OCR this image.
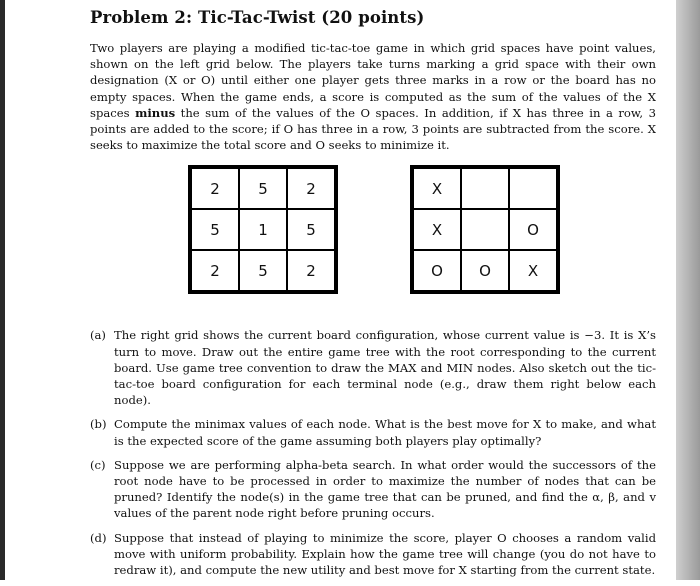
Problem 2: Tic-Tac-Twist (20 points)
Two players are playing a modified tic-tac-toe game in which grid spaces have point values, shown on the left grid below. The players take turns marking a grid space with their own designation (X or O) until either one player gets three marks in a row or the board has no empty spaces. When the game ends, a score is computed as the sum of the values of the X spaces minus the sum of the values of the O spaces. In addition, if X has three in a row, 3 points are added to the score; if O has three in a row, 3 points are subtracted from the score. X seeks to maximize the total score and O seeks to minimize it.
2	5	2
5	1	5
2	5	2
X		
X		O
O	O	X
(a) The right grid shows the current board configuration, whose current value is −3. It is X’s turn to move. Draw out the entire game tree with the root corresponding to the current board. Use game tree convention to draw the MAX and MIN nodes. Also sketch out the tic-tac-toe board configuration for each terminal node (e.g., draw them right below each node).
(b) Compute the minimax values of each node. What is the best move for X to make, and what is the expected score of the game assuming both players play optimally?
(c) Suppose we are performing alpha-beta search. In what order would the successors of the root node have to be processed in order to maximize the number of nodes that can be pruned? Identify the node(s) in the game tree that can be pruned, and find the α, β, and v values of the parent node right before pruning occurs.
(d) Suppose that instead of playing to minimize the score, player O chooses a random valid move with uniform probability. Explain how the game tree will change (you do not have to redraw it), and compute the new utility and best move for X starting from the current state.
